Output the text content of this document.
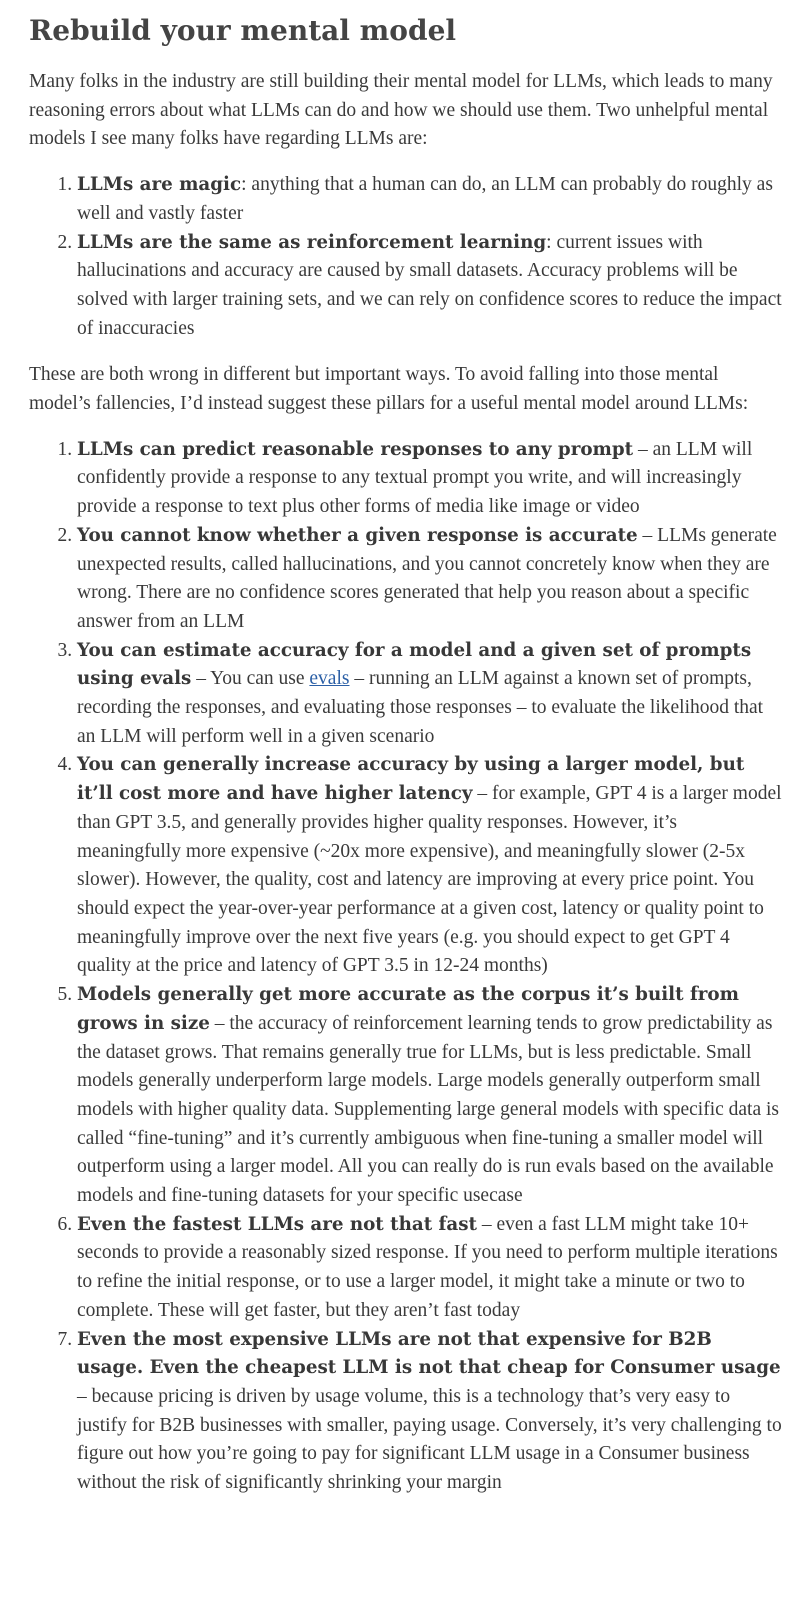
Rebuild your mental model

Many folks in the industry are still building their mental model for LLMs, which leads to many reasoning errors about what LLMs can do and how we should use them. Two unhelpful mental models I see many folks have regarding LLMs are:

1. LLMs are magic: anything that a human can do, an LLM can probably do roughly as well and vastly faster
2. LLMs are the same as reinforcement learning: current issues with hallucinations and accuracy are caused by small datasets. Accuracy problems will be solved with larger training sets, and we can rely on confidence scores to reduce the impact of inaccuracies

These are both wrong in different but important ways. To avoid falling into those mental model’s fallencies, I’d instead suggest these pillars for a useful mental model around LLMs:

1. LLMs can predict reasonable responses to any prompt – an LLM will confidently provide a response to any textual prompt you write, and will increasingly provide a response to text plus other forms of media like image or video
2. You cannot know whether a given response is accurate – LLMs generate unexpected results, called hallucinations, and you cannot concretely know when they are wrong. There are no confidence scores generated that help you reason about a specific answer from an LLM
3. You can estimate accuracy for a model and a given set of prompts using evals – You can use evals – running an LLM against a known set of prompts, recording the responses, and evaluating those responses – to evaluate the likelihood that an LLM will perform well in a given scenario
4. You can generally increase accuracy by using a larger model, but it’ll cost more and have higher latency – for example, GPT 4 is a larger model than GPT 3.5, and generally provides higher quality responses. However, it’s meaningfully more expensive (~20x more expensive), and meaningfully slower (2-5x slower). However, the quality, cost and latency are improving at every price point. You should expect the year-over-year performance at a given cost, latency or quality point to meaningfully improve over the next five years (e.g. you should expect to get GPT 4 quality at the price and latency of GPT 3.5 in 12-24 months)
5. Models generally get more accurate as the corpus it’s built from grows in size – the accuracy of reinforcement learning tends to grow predictability as the dataset grows. That remains generally true for LLMs, but is less predictable. Small models generally underperform large models. Large models generally outperform small models with higher quality data. Supplementing large general models with specific data is called “fine-tuning” and it’s currently ambiguous when fine-tuning a smaller model will outperform using a larger model. All you can really do is run evals based on the available models and fine-tuning datasets for your specific usecase
6. Even the fastest LLMs are not that fast – even a fast LLM might take 10+ seconds to provide a reasonably sized response. If you need to perform multiple iterations to refine the initial response, or to use a larger model, it might take a minute or two to complete. These will get faster, but they aren’t fast today
7. Even the most expensive LLMs are not that expensive for B2B usage. Even the cheapest LLM is not that cheap for Consumer usage – because pricing is driven by usage volume, this is a technology that’s very easy to justify for B2B businesses with smaller, paying usage. Conversely, it’s very challenging to figure out how you’re going to pay for significant LLM usage in a Consumer business without the risk of significantly shrinking your margin
